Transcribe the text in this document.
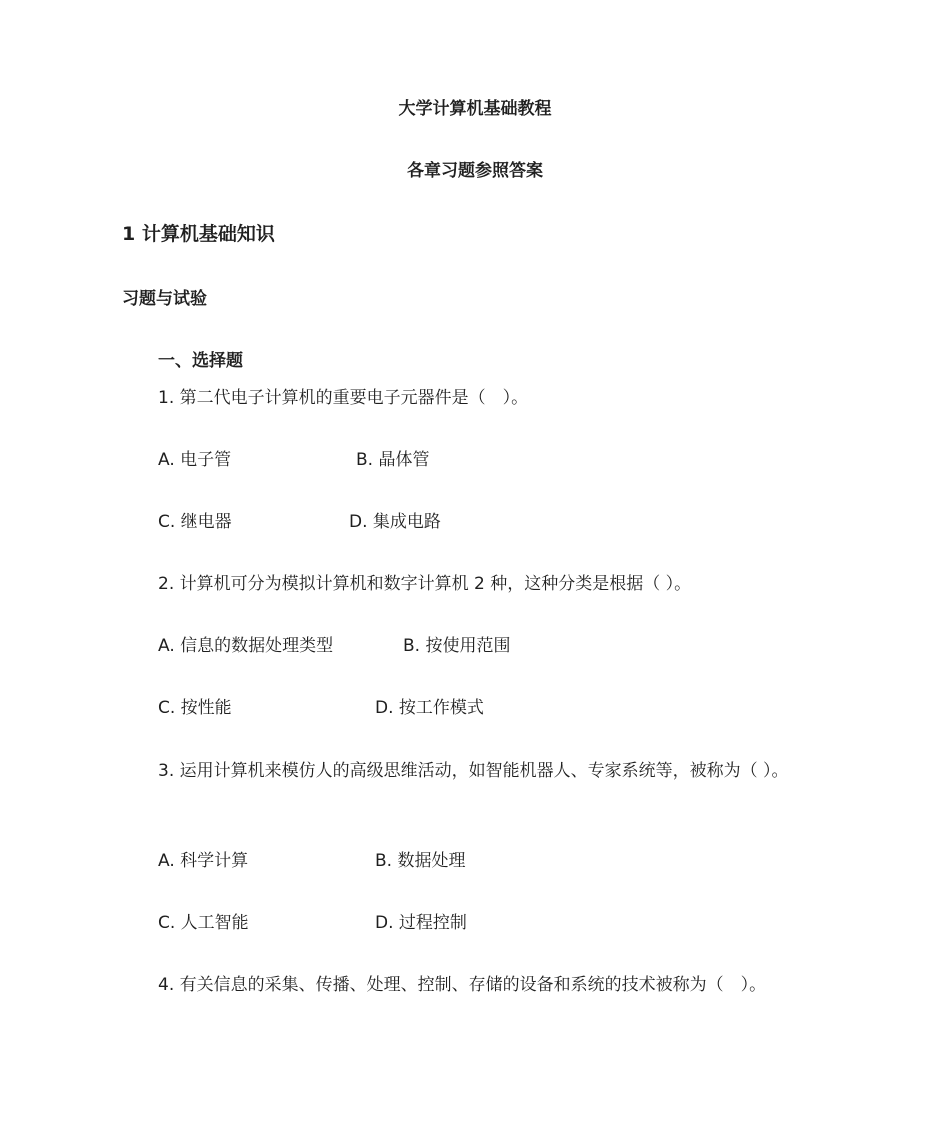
大学计算机基础教程
各章习题参照答案
1 计算机基础知识
习题与试验
一、选择题
1. 第二代电子计算机的重要电子元器件是（　）。
A. 电子管	B. 晶体管
C. 继电器	D. 集成电路
2. 计算机可分为模拟计算机和数字计算机 2 种，这种分类是根据（ ）。
A. 信息的数据处理类型	B. 按使用范围
C. 按性能	D. 按工作模式
3. 运用计算机来模仿人的高级思维活动，如智能机器人、专家系统等，被称为（ ）。
A. 科学计算	B. 数据处理
C. 人工智能	D. 过程控制
4. 有关信息的采集、传播、处理、控制、存储的设备和系统的技术被称为（　）。
